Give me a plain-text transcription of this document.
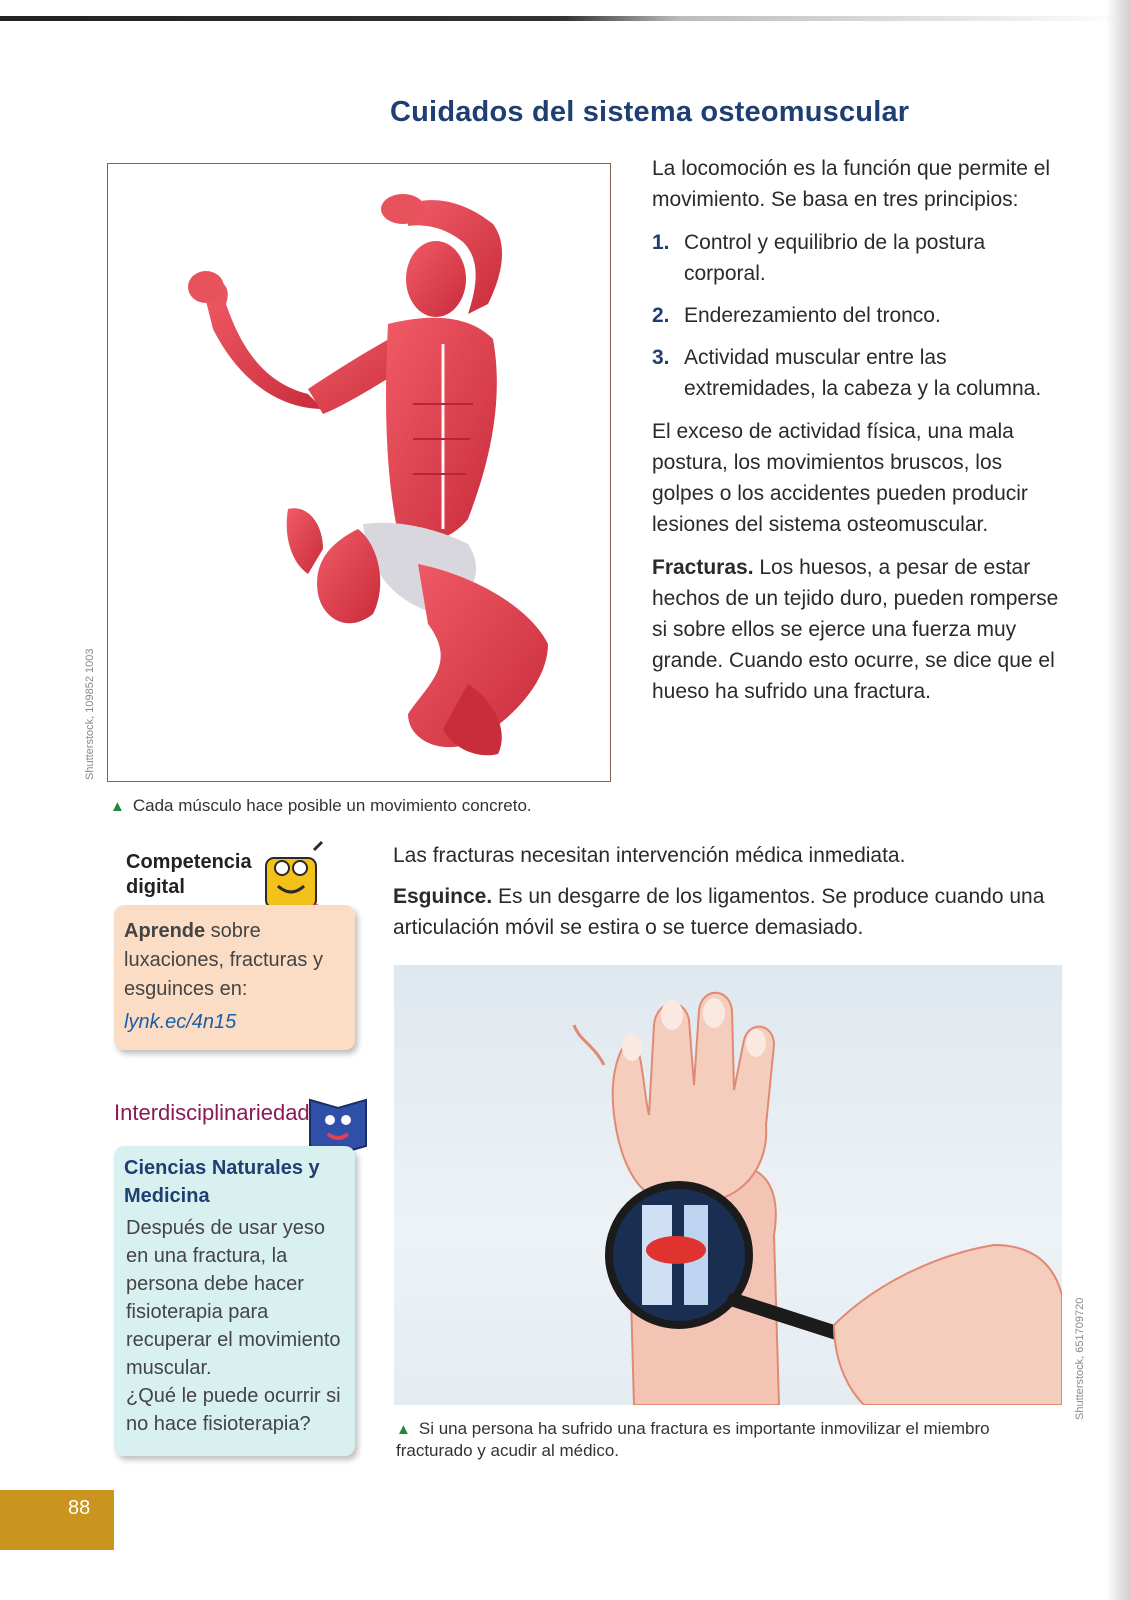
Cuidados del sistema osteomuscular
Shutterstock, 109852 1003
▲ Cada músculo hace posible un movimiento concreto.

La locomoción es la función que permite el movimiento. Se basa en tres principios:

1. Control y equilibrio de la postura corporal.
2. Enderezamiento del tronco.
3. Actividad muscular entre las extremidades, la cabeza y la columna.

El exceso de actividad física, una mala postura, los movimientos bruscos, los golpes o los accidentes pueden producir lesiones del sistema osteomuscular.

Fracturas. Los huesos, a pesar de estar hechos de un tejido duro, pueden romperse si sobre ellos se ejerce una fuerza muy grande. Cuando esto ocurre, se dice que el hueso ha sufrido una fractura.

Las fracturas necesitan intervención médica inmediata.

Esguince. Es un desgarre de los ligamentos. Se produce cuando una articulación móvil se estira o se tuerce demasiado.

Competencia digital
Aprende sobre luxaciones, fracturas y esguinces en:
lynk.ec/4n15
Interdisciplinariedad
Ciencias Naturales y Medicina
Después de usar yeso en una fractura, la persona debe hacer fisioterapia para recuperar el movimiento muscular.
¿Qué le puede ocurrir si no hace fisioterapia?
Shutterstock, 651709720
▲ Si una persona ha sufrido una fractura es importante inmovilizar el miembro fracturado y acudir al médico.
88
